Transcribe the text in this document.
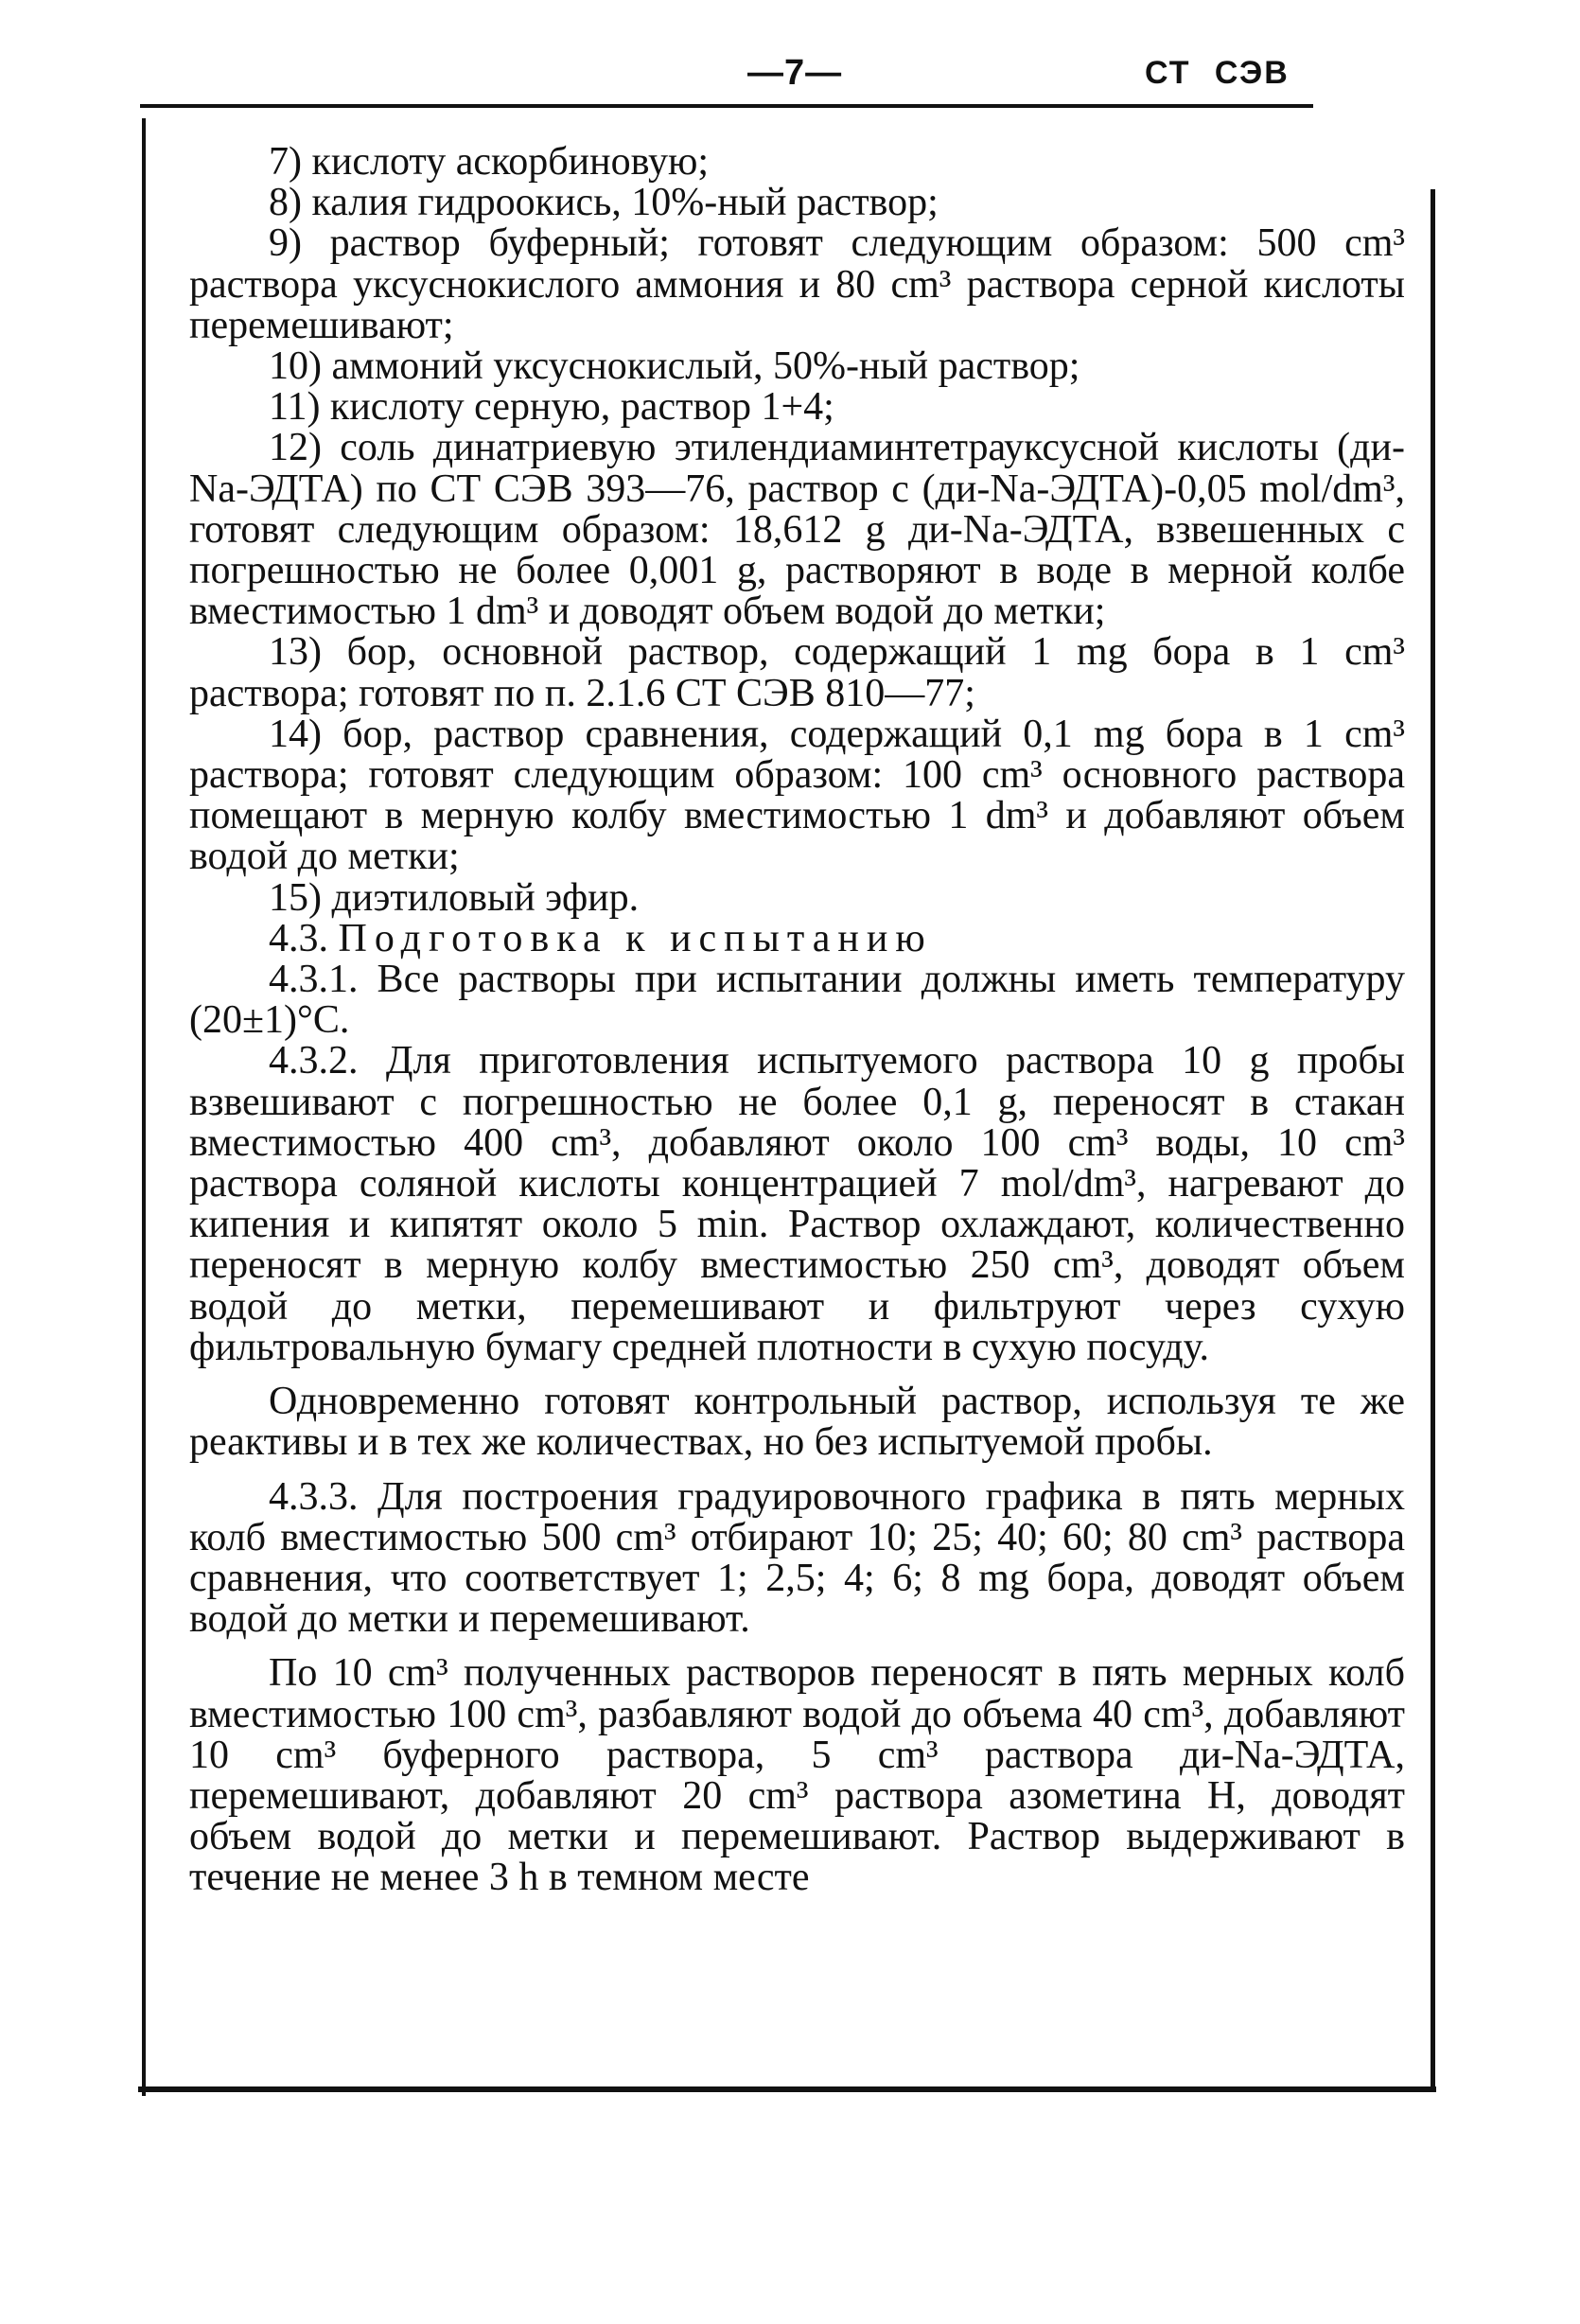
—7—	СТ СЭВ

7) кислоту аскорбиновую;

8) калия гидроокись, 10%-ный раствор;

9) раствор буферный; готовят следующим образом: 500 cm³ раствора уксуснокислого аммония и 80 cm³ раствора серной кислоты перемешивают;

10) аммоний уксуснокислый, 50%-ный раствор;

11) кислоту серную, раствор 1+4;

12) соль динатриевую этилендиаминтетрауксусной кислоты (ди-Na-ЭДТА) по СТ СЭВ 393—76, раствор с (ди-Na-ЭДТА)-0,05 mol/dm³, готовят следующим образом: 18,612 g ди-Na-ЭДТА, взвешенных с погрешностью не более 0,001 g, растворяют в воде в мерной колбе вместимостью 1 dm³ и доводят объем водой до метки;

13) бор, основной раствор, содержащий 1 mg бора в 1 cm³ раствора; готовят по п. 2.1.6 СТ СЭВ 810—77;

14) бор, раствор сравнения, содержащий 0,1 mg бора в 1 cm³ раствора; готовят следующим образом: 100 cm³ основного раствора помещают в мерную колбу вместимостью 1 dm³ и добавляют объем водой до метки;

15) диэтиловый эфир.

4.3. Подготовка к испытанию

4.3.1. Все растворы при испытании должны иметь температуру (20±1)°С.

4.3.2. Для приготовления испытуемого раствора 10 g пробы взвешивают с погрешностью не более 0,1 g, переносят в стакан вместимостью 400 cm³, добавляют около 100 cm³ воды, 10 cm³ раствора соляной кислоты концентрацией 7 mol/dm³, нагревают до кипения и кипятят около 5 min. Раствор охлаждают, количественно переносят в мерную колбу вместимостью 250 cm³, доводят объем водой до метки, перемешивают и фильтруют через сухую фильтровальную бумагу средней плотности в сухую посуду.

Одновременно готовят контрольный раствор, используя те же реактивы и в тех же количествах, но без испытуемой пробы.

4.3.3. Для построения градуировочного графика в пять мерных колб вместимостью 500 cm³ отбирают 10; 25; 40; 60; 80 cm³ раствора сравнения, что соответствует 1; 2,5; 4; 6; 8 mg бора, доводят объем водой до метки и перемешивают.

По 10 cm³ полученных растворов переносят в пять мерных колб вместимостью 100 cm³, разбавляют водой до объема 40 cm³, добавляют 10 cm³ буферного раствора, 5 cm³ раствора ди-Na-ЭДТА, перемешивают, добавляют 20 cm³ раствора азометина Н, доводят объем водой до метки и перемешивают. Раствор выдерживают в течение не менее 3 h в темном месте
